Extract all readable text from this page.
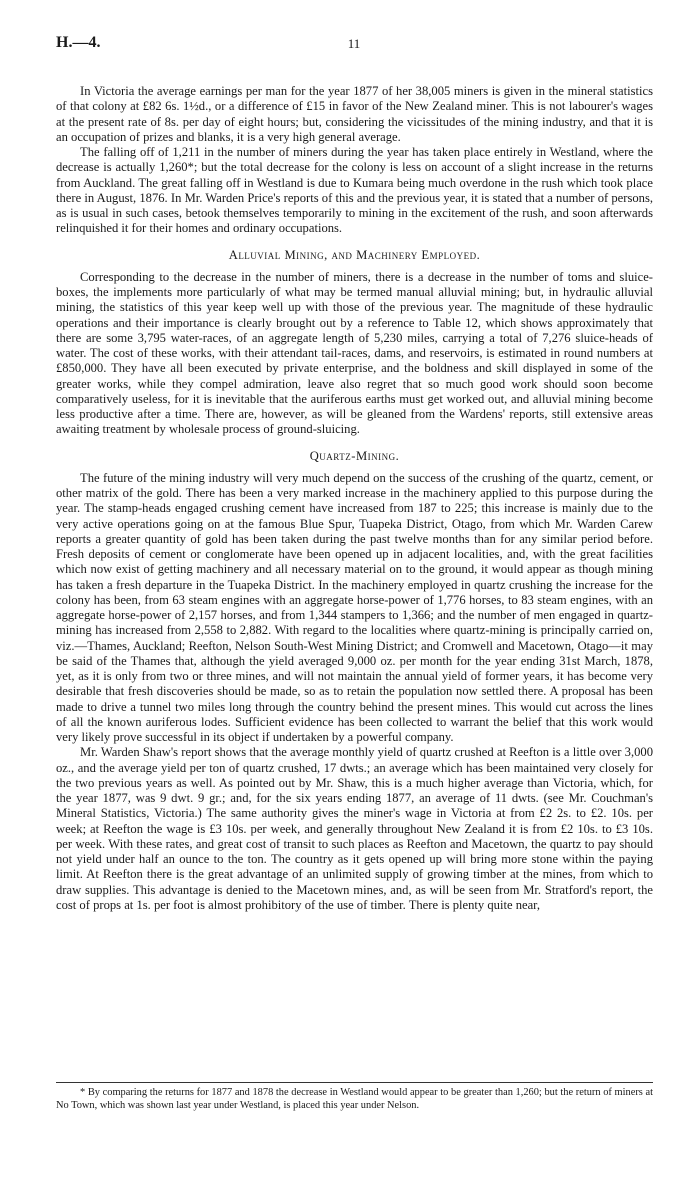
H.—4.	11

In Victoria the average earnings per man for the year 1877 of her 38,005 miners is given in the mineral statistics of that colony at £82 6s. 1½d., or a difference of £15 in favor of the New Zealand miner. This is not labourer's wages at the present rate of 8s. per day of eight hours; but, considering the vicissitudes of the mining industry, and that it is an occupation of prizes and blanks, it is a very high general average.

The falling off of 1,211 in the number of miners during the year has taken place entirely in Westland, where the decrease is actually 1,260*; but the total decrease for the colony is less on account of a slight increase in the returns from Auckland. The great falling off in Westland is due to Kumara being much overdone in the rush which took place there in August, 1876. In Mr. Warden Price's reports of this and the previous year, it is stated that a number of persons, as is usual in such cases, betook themselves temporarily to mining in the excitement of the rush, and soon afterwards relinquished it for their homes and ordinary occupations.

Alluvial Mining, and Machinery Employed.

Corresponding to the decrease in the number of miners, there is a decrease in the number of toms and sluice-boxes, the implements more particularly of what may be termed manual alluvial mining; but, in hydraulic alluvial mining, the statistics of this year keep well up with those of the previous year. The magnitude of these hydraulic operations and their importance is clearly brought out by a reference to Table 12, which shows approximately that there are some 3,795 water-races, of an aggregate length of 5,230 miles, carrying a total of 7,276 sluice-heads of water. The cost of these works, with their attendant tail-races, dams, and reservoirs, is estimated in round numbers at £850,000. They have all been executed by private enterprise, and the boldness and skill displayed in some of the greater works, while they compel admiration, leave also regret that so much good work should soon become comparatively useless, for it is inevitable that the auriferous earths must get worked out, and alluvial mining become less productive after a time. There are, however, as will be gleaned from the Wardens' reports, still extensive areas awaiting treatment by wholesale process of ground-sluicing.

Quartz-Mining.

The future of the mining industry will very much depend on the success of the crushing of the quartz, cement, or other matrix of the gold. There has been a very marked increase in the machinery applied to this purpose during the year. The stamp-heads engaged crushing cement have increased from 187 to 225; this increase is mainly due to the very active operations going on at the famous Blue Spur, Tuapeka District, Otago, from which Mr. Warden Carew reports a greater quantity of gold has been taken during the past twelve months than for any similar period before. Fresh deposits of cement or conglomerate have been opened up in adjacent localities, and, with the great facilities which now exist of getting machinery and all necessary material on to the ground, it would appear as though mining has taken a fresh departure in the Tuapeka District. In the machinery employed in quartz crushing the increase for the colony has been, from 63 steam engines with an aggregate horse-power of 1,776 horses, to 83 steam engines, with an aggregate horse-power of 2,157 horses, and from 1,344 stampers to 1,366; and the number of men engaged in quartz-mining has increased from 2,558 to 2,882. With regard to the localities where quartz-mining is principally carried on, viz.—Thames, Auckland; Reefton, Nelson South-West Mining District; and Cromwell and Macetown, Otago—it may be said of the Thames that, although the yield averaged 9,000 oz. per month for the year ending 31st March, 1878, yet, as it is only from two or three mines, and will not maintain the annual yield of former years, it has become very desirable that fresh discoveries should be made, so as to retain the population now settled there. A proposal has been made to drive a tunnel two miles long through the country behind the present mines. This would cut across the lines of all the known auriferous lodes. Sufficient evidence has been collected to warrant the belief that this work would very likely prove successful in its object if undertaken by a powerful company.

Mr. Warden Shaw's report shows that the average monthly yield of quartz crushed at Reefton is a little over 3,000 oz., and the average yield per ton of quartz crushed, 17 dwts.; an average which has been maintained very closely for the two previous years as well. As pointed out by Mr. Shaw, this is a much higher average than Victoria, which, for the year 1877, was 9 dwt. 9 gr.; and, for the six years ending 1877, an average of 11 dwts. (see Mr. Couchman's Mineral Statistics, Victoria.) The same authority gives the miner's wage in Victoria at from £2 2s. to £2. 10s. per week; at Reefton the wage is £3 10s. per week, and generally throughout New Zealand it is from £2 10s. to £3 10s. per week. With these rates, and great cost of transit to such places as Reefton and Macetown, the quartz to pay should not yield under half an ounce to the ton. The country as it gets opened up will bring more stone within the paying limit. At Reefton there is the great advantage of an unlimited supply of growing timber at the mines, from which to draw supplies. This advantage is denied to the Macetown mines, and, as will be seen from Mr. Stratford's report, the cost of props at 1s. per foot is almost prohibitory of the use of timber. There is plenty quite near,

* By comparing the returns for 1877 and 1878 the decrease in Westland would appear to be greater than 1,260; but the return of miners at No Town, which was shown last year under Westland, is placed this year under Nelson.
